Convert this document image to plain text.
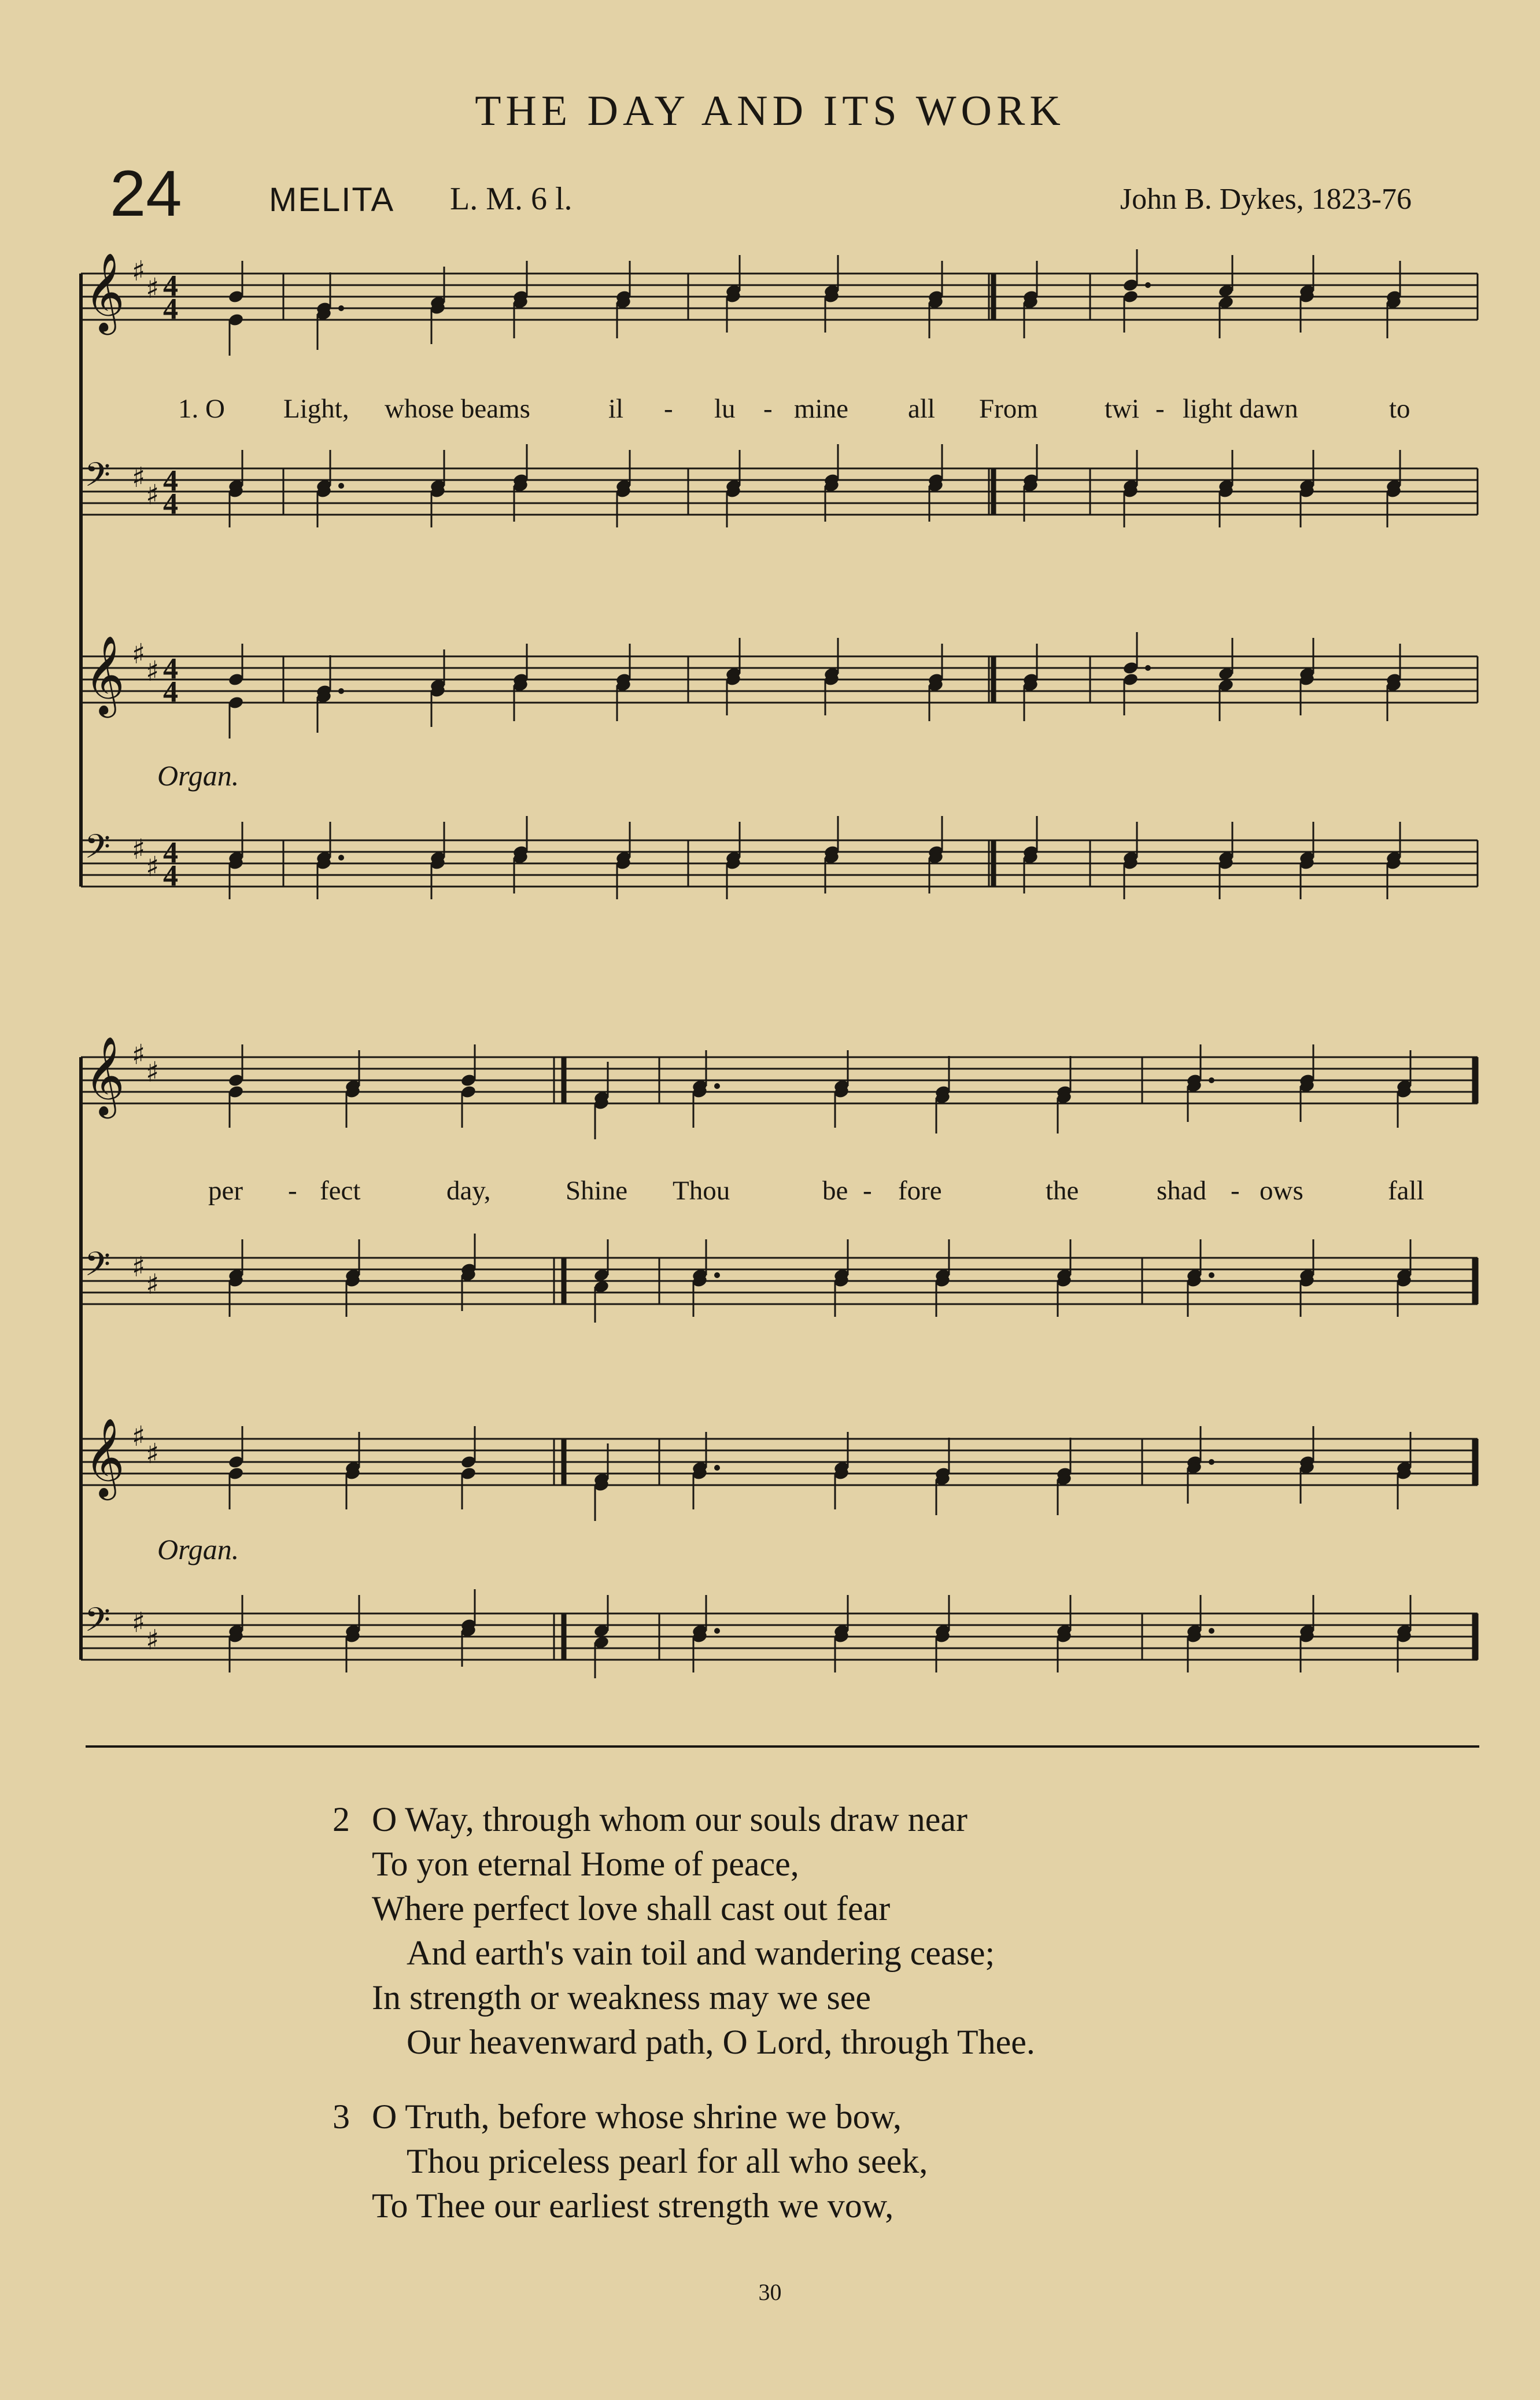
THE DAY AND ITS WORK
24	MELITA L. M. 6 l.	John B. Dykes, 1823-76
𝄞 ♯
♯ 4
4
𝄢 ♯
♯ 4
4
𝄞 ♯
♯ 4
4
𝄢 ♯
♯ 4
4
𝄞 ♯
♯
𝄢 ♯
♯
𝄞 ♯
♯
𝄢 ♯
♯
1. O Light, whose beams	il - lu - mine all From twi - light dawn	to
Organ.
per - fect	day,	Shine Thou	be - fore	the	shad - ows	fall
Organ.
2 O Way, through whom our souls draw near
To yon eternal Home of peace,
Where perfect love shall cast out fear
And earth's vain toil and wandering cease;
In strength or weakness may we see
Our heavenward path, O Lord, through Thee.
3 O Truth, before whose shrine we bow,
Thou priceless pearl for all who seek,
To Thee our earliest strength we vow,
30
